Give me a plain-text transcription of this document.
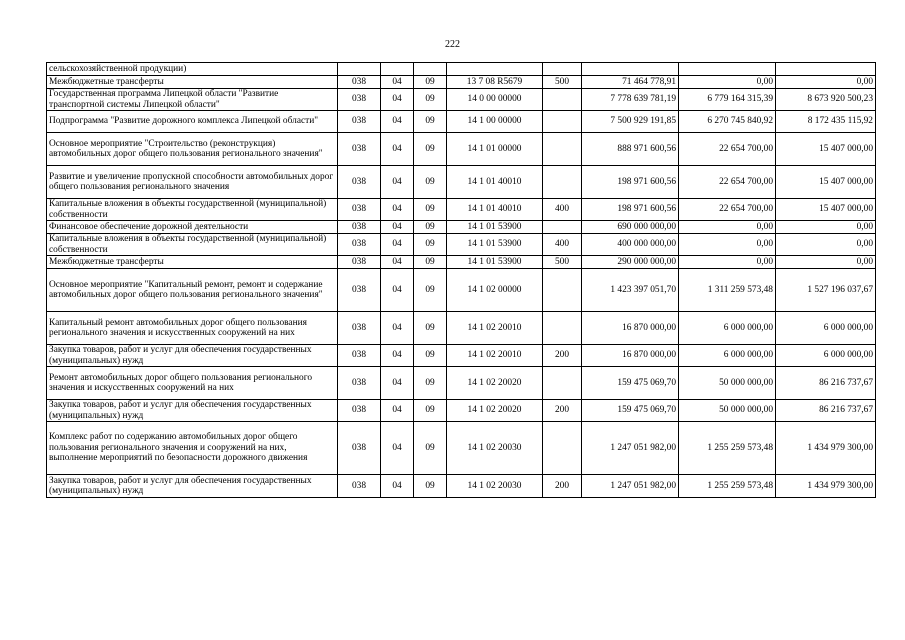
222
сельскохозяйственной продукции)								
Межбюджетные трансферты	038	04	09	13 7 08 R5679	500	71 464 778,91	0,00	0,00
Государственная программа Липецкой области "Развитие транспортной системы Липецкой области"	038	04	09	14 0 00 00000		7 778 639 781,19	6 779 164 315,39	8 673 920 500,23
Подпрограмма "Развитие дорожного комплекса Липецкой области"	038	04	09	14 1 00 00000		7 500 929 191,85	6 270 745 840,92	8 172 435 115,92
Основное мероприятие "Строительство (реконструкция) автомобильных дорог общего пользования регионального значения"	038	04	09	14 1 01 00000		888 971 600,56	22 654 700,00	15 407 000,00
Развитие и увеличение пропускной способности автомобильных дорог общего пользования регионального значения	038	04	09	14 1 01 40010		198 971 600,56	22 654 700,00	15 407 000,00
Капитальные вложения в объекты государственной (муниципальной) собственности	038	04	09	14 1 01 40010	400	198 971 600,56	22 654 700,00	15 407 000,00
Финансовое обеспечение дорожной деятельности	038	04	09	14 1 01 53900		690 000 000,00	0,00	0,00
Капитальные вложения в объекты государственной (муниципальной) собственности	038	04	09	14 1 01 53900	400	400 000 000,00	0,00	0,00
Межбюджетные трансферты	038	04	09	14 1 01 53900	500	290 000 000,00	0,00	0,00
Основное мероприятие "Капитальный ремонт, ремонт и содержание автомобильных дорог общего пользования регионального значения"	038	04	09	14 1 02 00000		1 423 397 051,70	1 311 259 573,48	1 527 196 037,67
Капитальный ремонт автомобильных дорог общего пользования регионального значения и искусственных сооружений на них	038	04	09	14 1 02 20010		16 870 000,00	6 000 000,00	6 000 000,00
Закупка товаров, работ и услуг для обеспечения государственных (муниципальных) нужд	038	04	09	14 1 02 20010	200	16 870 000,00	6 000 000,00	6 000 000,00
Ремонт автомобильных дорог общего пользования регионального значения и искусственных сооружений на них	038	04	09	14 1 02 20020		159 475 069,70	50 000 000,00	86 216 737,67
Закупка товаров, работ и услуг для обеспечения государственных (муниципальных) нужд	038	04	09	14 1 02 20020	200	159 475 069,70	50 000 000,00	86 216 737,67
Комплекс работ по содержанию автомобильных дорог общего пользования регионального значения и сооружений на них, выполнение мероприятий по безопасности дорожного движения	038	04	09	14 1 02 20030		1 247 051 982,00	1 255 259 573,48	1 434 979 300,00
Закупка товаров, работ и услуг для обеспечения государственных (муниципальных) нужд	038	04	09	14 1 02 20030	200	1 247 051 982,00	1 255 259 573,48	1 434 979 300,00
